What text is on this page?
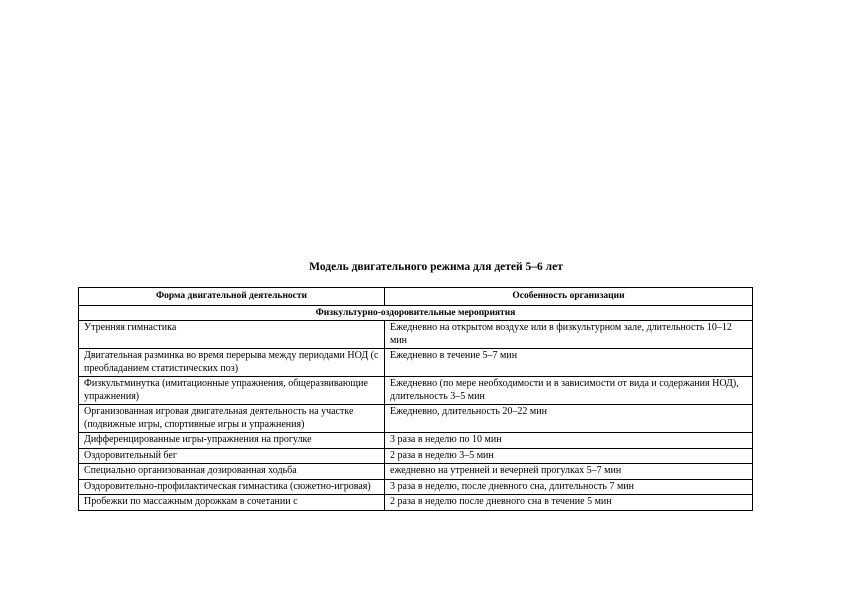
Модель двигательного режима для детей 5–6 лет
Форма двигательной деятельности	Особенность организации
Физкультурно-оздоровительные мероприятия	
Утренняя гимнастика	Ежедневно на открытом воздухе или в физкультурном зале, длительность 10–12 мин
Двигательная разминка во время перерыва между периодами НОД (с преобладанием статистических поз)	Ежедневно в течение 5–7 мин
Физкультминутка (имитационные упражнения, общеразвивающие упражнения)	Ежедневно (по мере необходимости и в зависимости от вида и содержания НОД), длительность 3–5 мин
Организованная игровая двигательная деятельность на участке (подвижные игры, спортивные игры и упражнения)	Ежедневно, длительность 20–22 мин
Дифференцированные игры-упражнения на прогулке	3 раза в неделю по 10 мин
Оздоровительный бег	2 раза в неделю 3–5 мин
Специально организованная дозированная ходьба	ежедневно на утренней и вечерней прогулках 5–7 мин
Оздоровительно-профилактическая гимнастика (сюжетно-игровая)	3 раза в неделю, после дневного сна, длительность 7 мин
Пробежки по массажным дорожкам в сочетании с	2 раза в неделю после дневного сна в течение 5 мин
